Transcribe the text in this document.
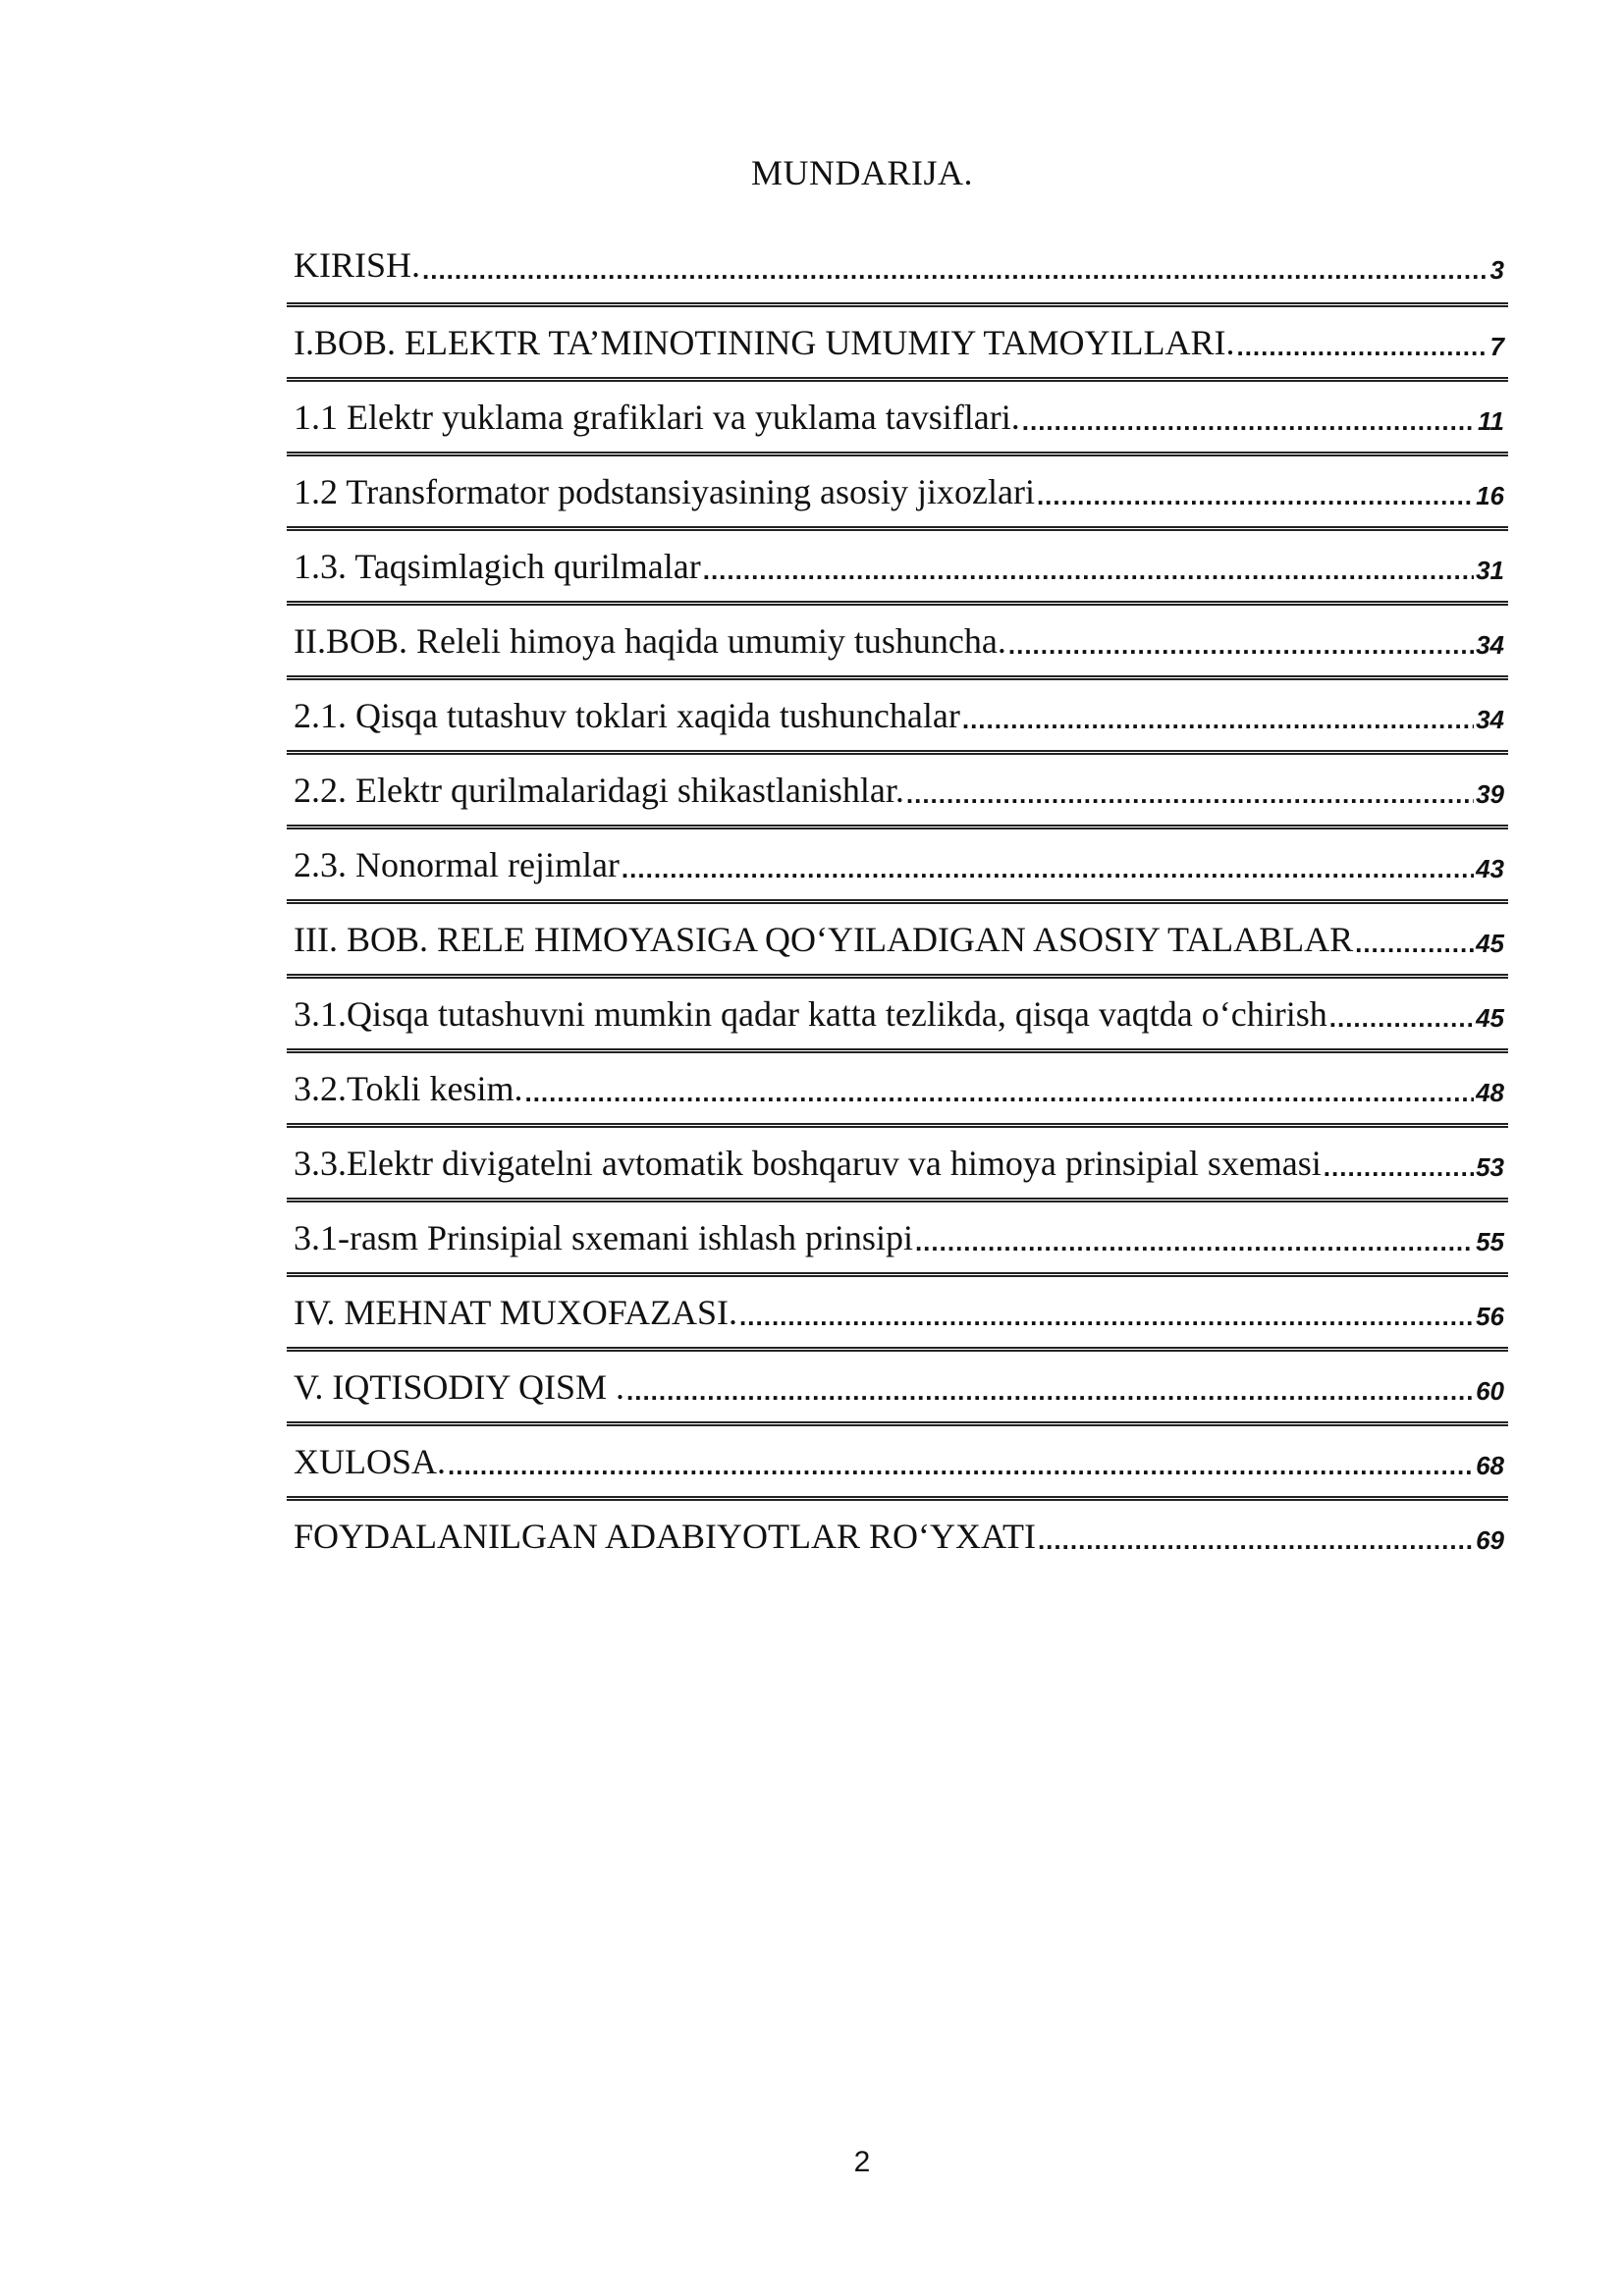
MUNDARIJA.
KIRISH. .....	3
I.BOB. ELEKTR TA’MINOTINING UMUMIY TAMOYILLARI. .....	7
1.1 Elektr yuklama grafiklari va yuklama tavsiflari. .....	11
1.2 Transformator podstansiyasining asosiy jixozlari .....	16
1.3. Taqsimlagich qurilmalar .....	31
II.BOB. Releli himoya haqida umumiy tushuncha. .....	34
2.1. Qisqa tutashuv toklari xaqida tushunchalar .....	34
2.2. Elektr qurilmalaridagi shikastlanishlar. .....	39
2.3. Nonormal rejimlar .....	43
III. BOB. RELE HIMOYASIGA QO‘YILADIGAN ASOSIY TALABLAR .....	45
3.1.Qisqa tutashuvni mumkin qadar katta tezlikda, qisqa vaqtda o‘chirish .....	45
3.2.Tokli kesim. .....	48
3.3.Elektr divigatelni avtomatik boshqaruv va himoya prinsipial sxemasi .....	53
3.1-rasm Prinsipial sxemani ishlash prinsipi .....	55
IV. MEHNAT MUXOFAZASI. .....	56
V. IQTISODIY QISM . .....	60
XULOSA. .....	68
FOYDALANILGAN ADABIYOTLAR RO‘YXATI .....	69
2
